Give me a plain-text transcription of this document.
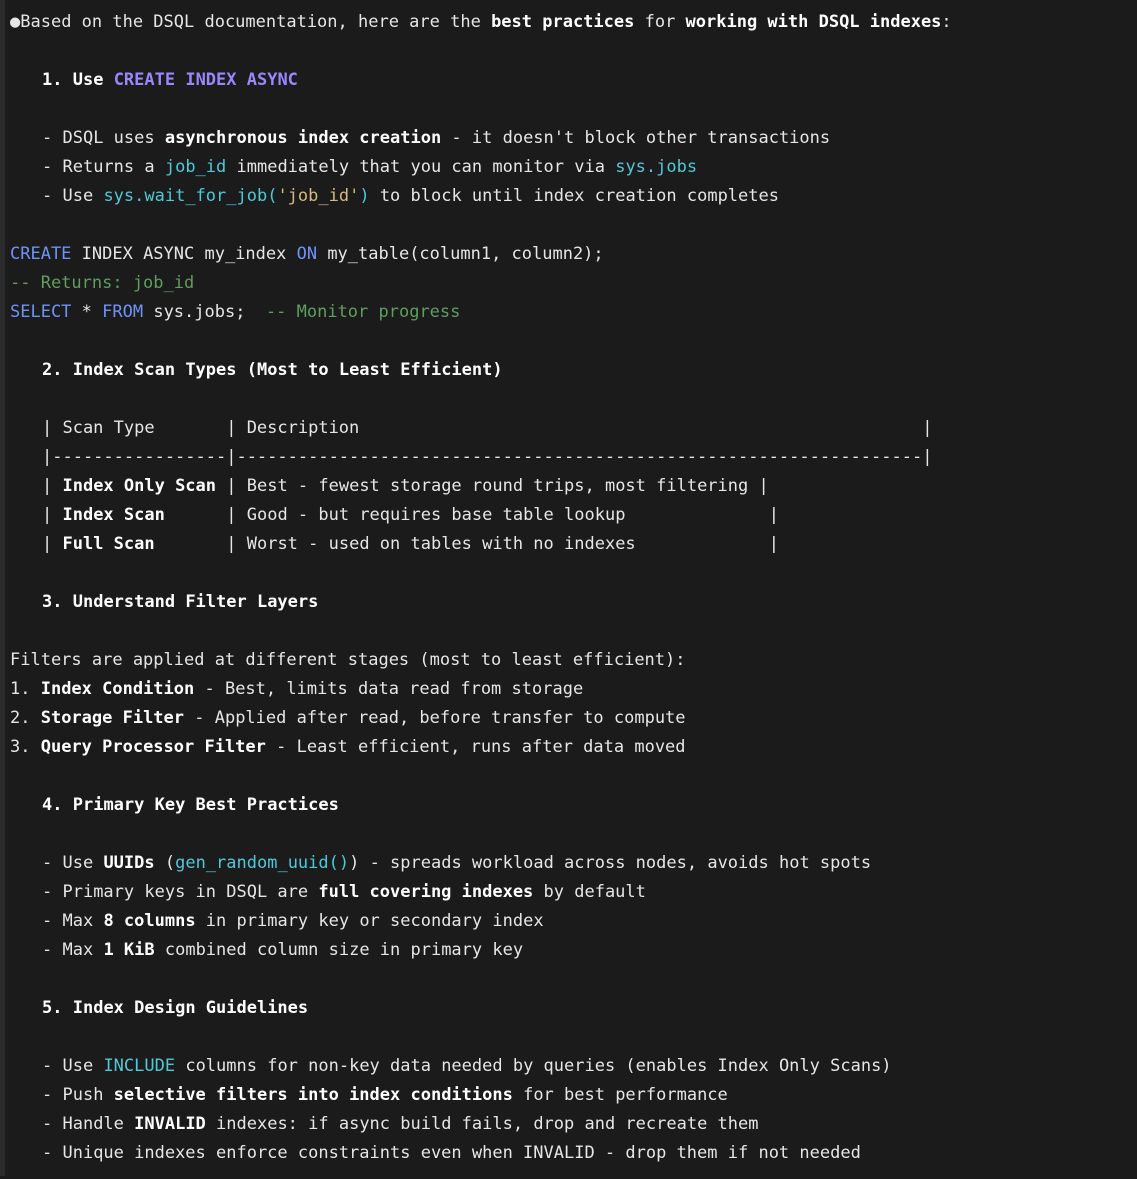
●Based on the DSQL documentation, here are the best practices for working with DSQL indexes:
1. Use CREATE INDEX ASYNC
- DSQL uses asynchronous index creation - it doesn't block other transactions
- Returns a job_id immediately that you can monitor via sys.jobs
- Use sys.wait_for_job('job_id') to block until index creation completes
CREATE INDEX ASYNC my_index ON my_table(column1, column2);
-- Returns: job_id
SELECT * FROM sys.jobs;  -- Monitor progress
2. Index Scan Types (Most to Least Efficient)
| Scan Type       | Description                                                       |
|-----------------|-------------------------------------------------------------------|
| Index Only Scan | Best - fewest storage round trips, most filtering |
| Index Scan      | Good - but requires base table lookup              |
| Full Scan       | Worst - used on tables with no indexes             |
3. Understand Filter Layers
Filters are applied at different stages (most to least efficient):
1. Index Condition - Best, limits data read from storage
2. Storage Filter - Applied after read, before transfer to compute
3. Query Processor Filter - Least efficient, runs after data moved
4. Primary Key Best Practices
- Use UUIDs (gen_random_uuid()) - spreads workload across nodes, avoids hot spots
- Primary keys in DSQL are full covering indexes by default
- Max 8 columns in primary key or secondary index
- Max 1 KiB combined column size in primary key
5. Index Design Guidelines
- Use INCLUDE columns for non-key data needed by queries (enables Index Only Scans)
- Push selective filters into index conditions for best performance
- Handle INVALID indexes: if async build fails, drop and recreate them
- Unique indexes enforce constraints even when INVALID - drop them if not needed
